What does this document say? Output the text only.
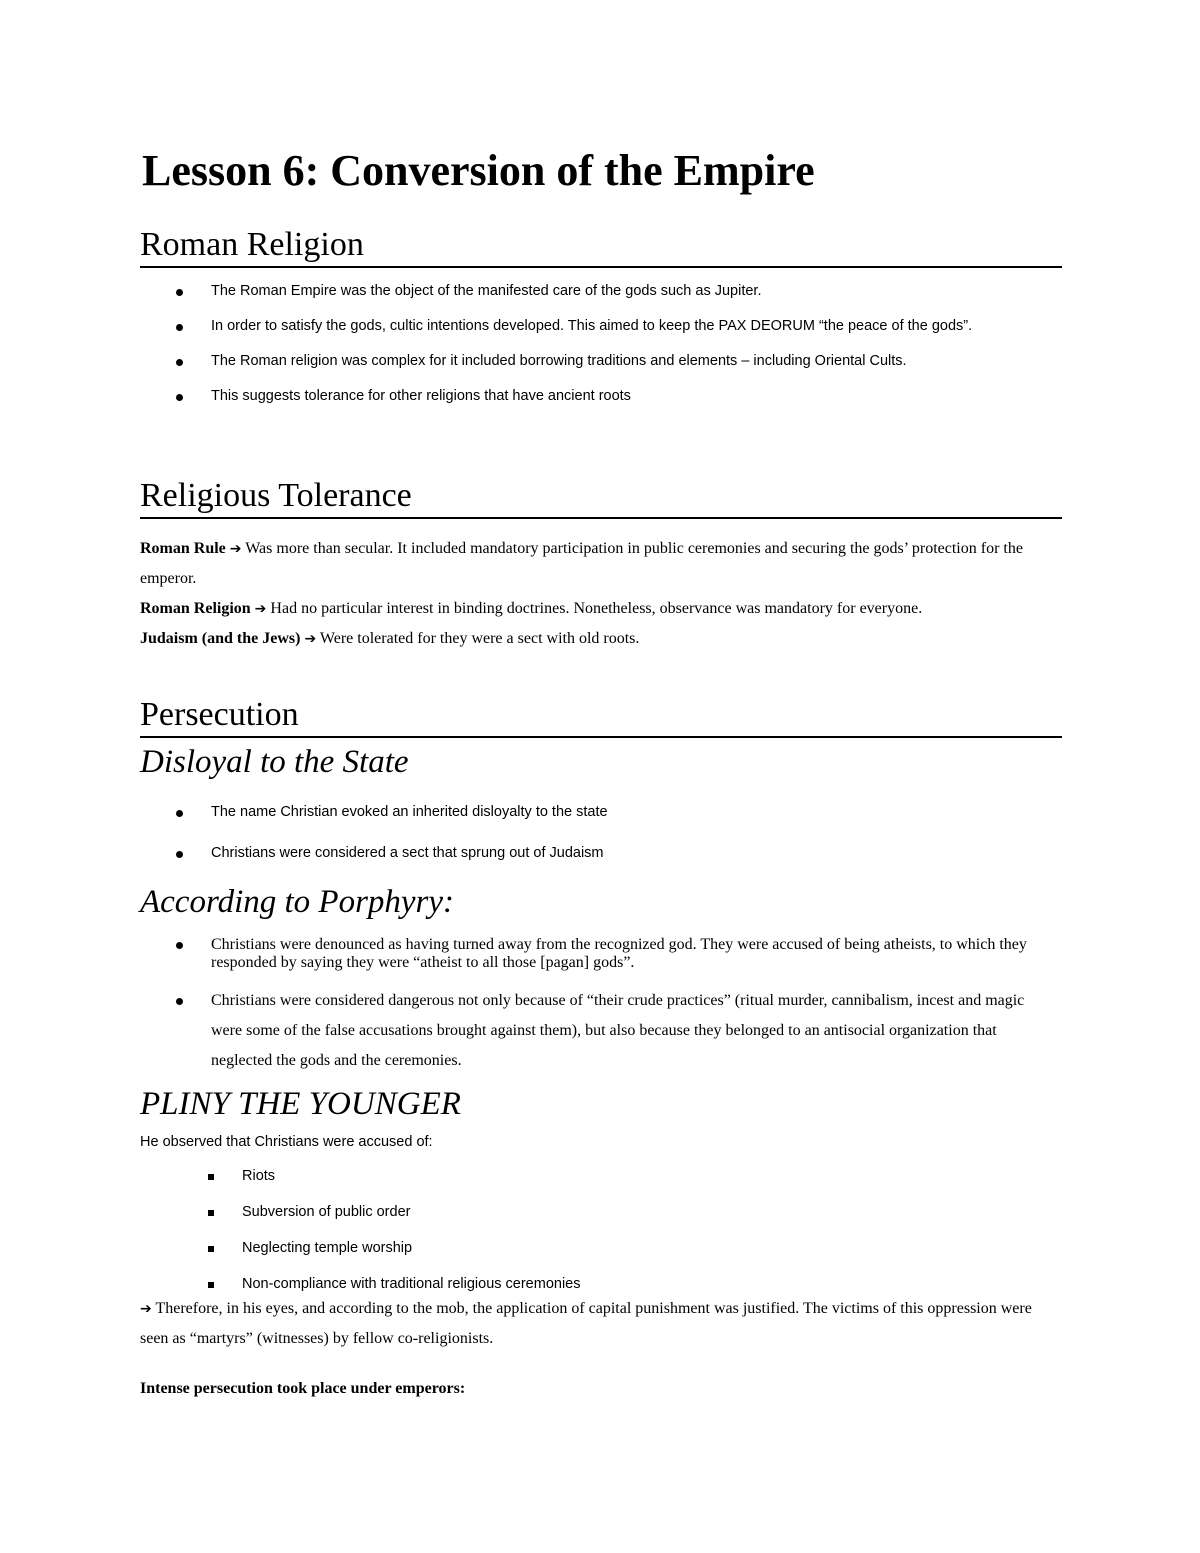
Lesson 6: Conversion of the Empire
Roman Religion
The Roman Empire was the object of the manifested care of the gods such as Jupiter.
In order to satisfy the gods, cultic intentions developed. This aimed to keep the PAX DEORUM “the peace of the gods”.
The Roman religion was complex for it included borrowing traditions and elements – including Oriental Cults.
This suggests tolerance for other religions that have ancient roots
Religious Tolerance
Roman Rule ➔ Was more than secular. It included mandatory participation in public ceremonies and securing the gods’ protection for the emperor.
Roman Religion ➔ Had no particular interest in binding doctrines. Nonetheless, observance was mandatory for everyone.
Judaism (and the Jews) ➔ Were tolerated for they were a sect with old roots.
Persecution
Disloyal to the State
The name Christian evoked an inherited disloyalty to the state
Christians were considered a sect that sprung out of Judaism
According to Porphyry:
Christians were denounced as having turned away from the recognized god. They were accused of being atheists, to which they responded by saying they were “atheist to all those [pagan] gods”.
Christians were considered dangerous not only because of “their crude practices” (ritual murder, cannibalism, incest and magic were some of the false accusations brought against them), but also because they belonged to an antisocial organization that neglected the gods and the ceremonies.
PLINY THE YOUNGER

He observed that Christians were accused of:

Riots
Subversion of public order
Neglecting temple worship
Non-compliance with traditional religious ceremonies
➔ Therefore, in his eyes, and according to the mob, the application of capital punishment was justified. The victims of this oppression were seen as “martyrs” (witnesses) by fellow co-religionists.

Intense persecution took place under emperors:
